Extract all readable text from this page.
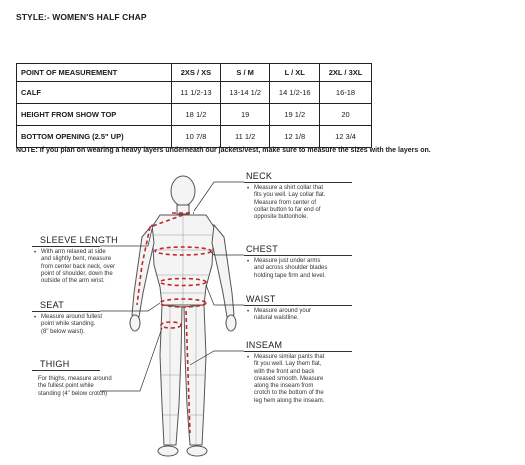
STYLE:- WOMEN'S HALF CHAP
POINT OF MEASUREMENT	2XS / XS	S / M	L / XL	2XL / 3XL
CALF	11 1/2-13	13-14 1/2	14 1/2-16	16-18
HEIGHT FROM SHOW TOP	18 1/2	19	19 1/2	20
BOTTOM OPENING (2.5" UP)	10 7/8	11 1/2	12 1/8	12 3/4
NOTE: If you plan on wearing a heavy layers underneath our jackets/vest, make sure to measure the sizes with the layers on.
NECK
• Measure a shirt collar that
fits you well. Lay collar flat.
Measure from center of
collar button to far end of
opposite buttonhole.
CHEST
• Measure just under arms
and across shoulder blades
holding tape firm and level.
WAIST
• Measure around your
natural waistline.
INSEAM
• Measure similar pants that
fit you well. Lay them flat,
with the front and back
creased smooth. Measure
along the inseam from
crotch to the bottom of the
leg hem along the inseam.
SLEEVE LENGTH
• With arm relaxed at side
and slightly bent, measure
from center back neck, over
point of shoulder, down the
outside of the arm wrist.
SEAT
• Measure around fullest
point while standing.
(8" below waist).
THIGH
For thighs, measure around
the fullest point while
standing (4" below crotch)
